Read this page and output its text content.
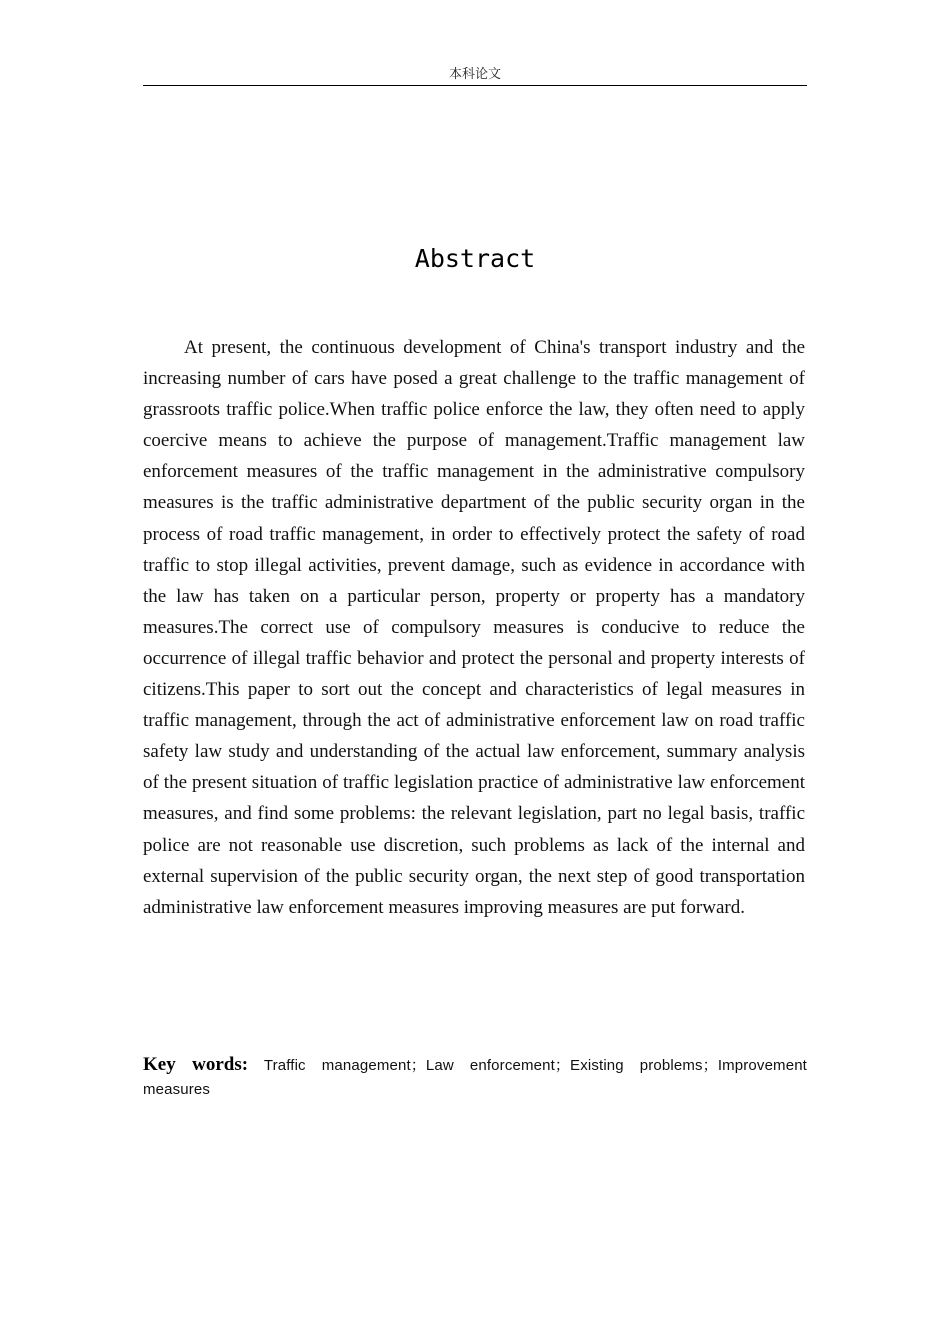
本科论文
Abstract

At present, the continuous development of China's transport industry and the increasing number of cars have posed a great challenge to the traffic management of grassroots traffic police.When traffic police enforce the law, they often need to apply coercive means to achieve the purpose of management.Traffic management law enforcement measures of the traffic management in the administrative compulsory measures is the traffic administrative department of the public security organ in the process of road traffic management, in order to effectively protect the safety of road traffic to stop illegal activities, prevent damage, such as evidence in accordance with the law has taken on a particular person, property or property has a mandatory measures.The correct use of compulsory measures is conducive to reduce the occurrence of illegal traffic behavior and protect the personal and property interests of citizens.This paper to sort out the concept and characteristics of legal measures in traffic management, through the act of administrative enforcement law on road traffic safety law study and understanding of the actual law enforcement, summary analysis of the present situation of traffic legislation practice of administrative law enforcement measures, and find some problems: the relevant legislation, part no legal basis, traffic police are not reasonable use discretion, such problems as lack of the internal and external supervision of the public security organ, the next step of good transportation administrative law enforcement measures improving measures are put forward.

Key words: Traffic management；Law enforcement；Existing problems；Improvement measures
